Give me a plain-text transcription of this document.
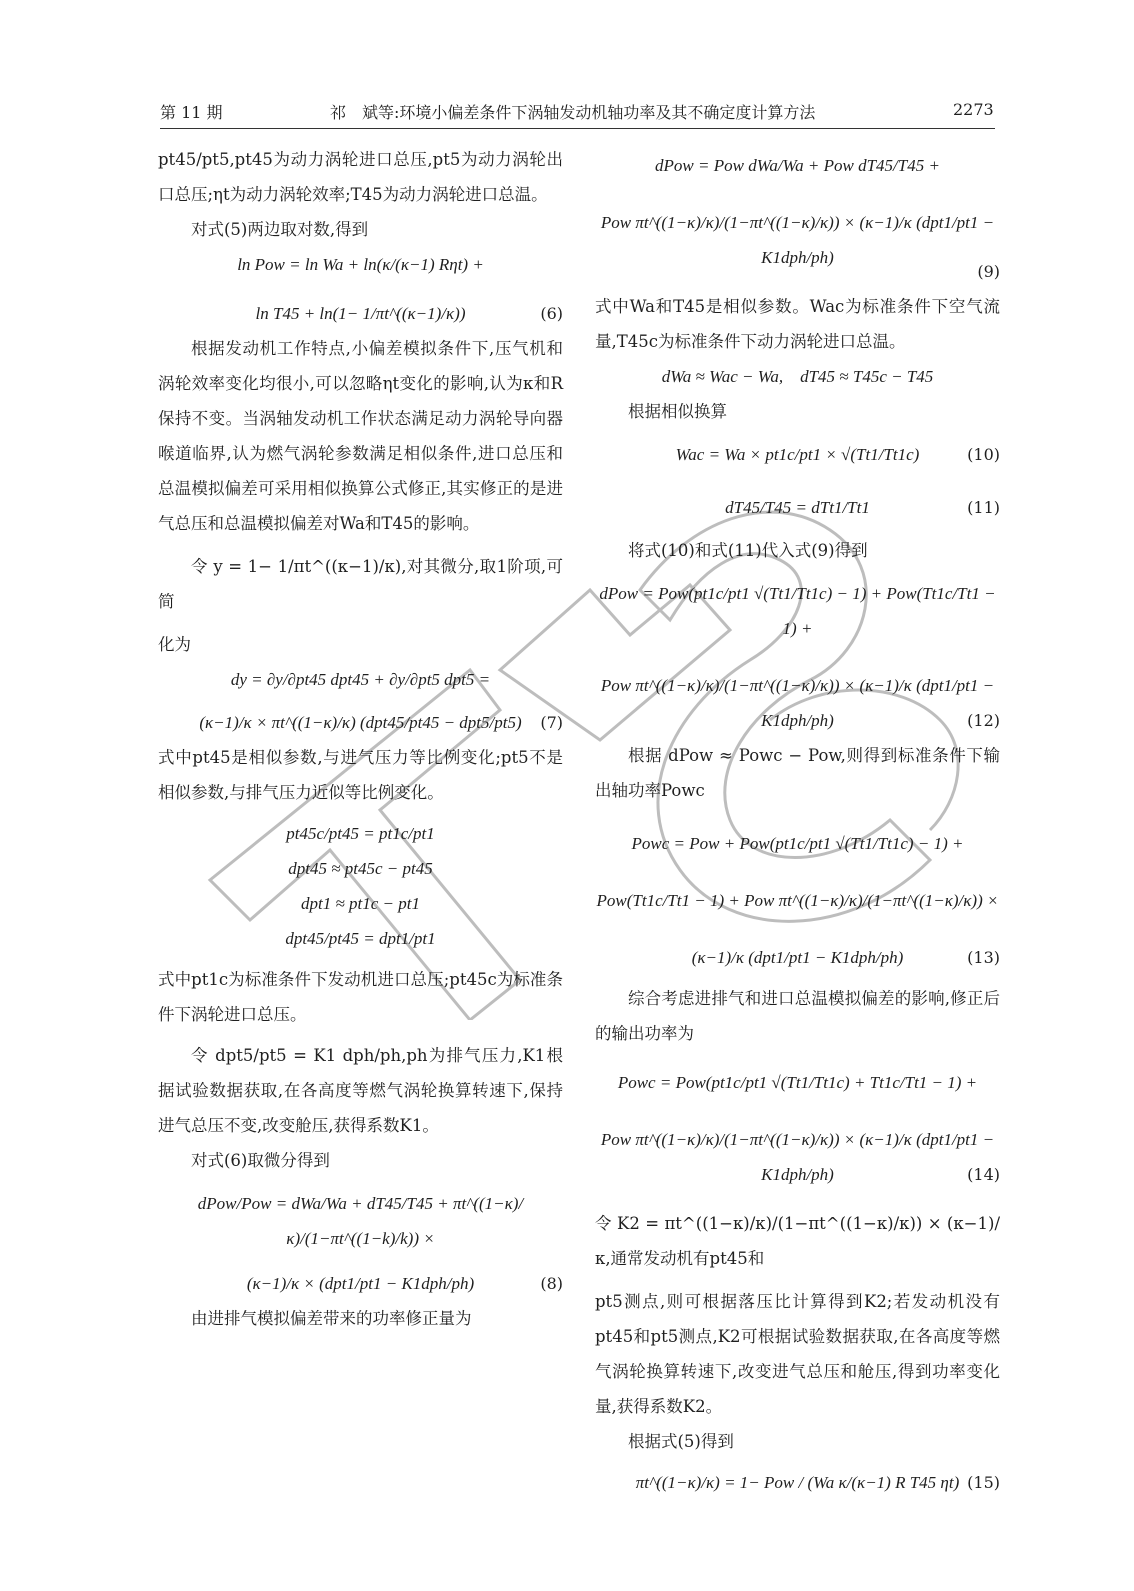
第 11 期	祁　斌等:环境小偏差条件下涡轴发动机轴功率及其不确定度计算方法	2273
pt45/pt5,pt45为动力涡轮进口总压,pt5为动力涡轮出口总压;ηt为动力涡轮效率;T45为动力涡轮进口总温。
对式(5)两边取对数,得到
ln Pow = ln Wa + ln(κ/(κ−1) Rηt) +
ln T45 + ln(1− 1/πt^((κ−1)/κ))	(6)
根据发动机工作特点,小偏差模拟条件下,压气机和涡轮效率变化均很小,可以忽略ηt变化的影响,认为κ和R保持不变。当涡轴发动机工作状态满足动力涡轮导向器喉道临界,认为燃气涡轮参数满足相似条件,进口总压和总温模拟偏差可采用相似换算公式修正,其实修正的是进气总压和总温模拟偏差对Wa和T45的影响。
令 y = 1− 1/πt^((κ−1)/κ),对其微分,取1阶项,可简
化为
dy = ∂y/∂pt45 dpt45 + ∂y/∂pt5 dpt5 =
(κ−1)/κ × πt^((1−κ)/κ) (dpt45/pt45 − dpt5/pt5) (7)
式中pt45是相似参数,与进气压力等比例变化;pt5不是相似参数,与排气压力近似等比例变化。
pt45c/pt45 = pt1c/pt1
dpt45 ≈ pt45c − pt45
dpt1 ≈ pt1c − pt1
dpt45/pt45 = dpt1/pt1
式中pt1c为标准条件下发动机进口总压;pt45c为标准条件下涡轮进口总压。
令 dpt5/pt5 = K1 dph/ph,ph为排气压力,K1根据试验数据获取,在各高度等燃气涡轮换算转速下,保持进气总压不变,改变舱压,获得系数K1。
对式(6)取微分得到
dPow/Pow = dWa/Wa + dT45/T45 + πt^((1−κ)/κ)/(1−πt^((1−k)/k)) ×
(κ−1)/κ × (dpt1/pt1 − K1dph/ph)	(8)
由进排气模拟偏差带来的功率修正量为
dPow = Pow dWa/Wa + Pow dT45/T45 +
Pow πt^((1−κ)/κ)/(1−πt^((1−κ)/κ)) × (κ−1)/κ (dpt1/pt1 − K1dph/ph)
(9)
式中Wa和T45是相似参数。Wac为标准条件下空气流量,T45c为标准条件下动力涡轮进口总温。
dWa ≈ Wac − Wa,　dT45 ≈ T45c − T45
根据相似换算
Wac = Wa × pt1c/pt1 × √(Tt1/Tt1c)	(10)
dT45/T45 = dTt1/Tt1	(11)
将式(10)和式(11)代入式(9)得到
dPow = Pow(pt1c/pt1 √(Tt1/Tt1c) − 1) + Pow(Tt1c/Tt1 − 1) +
Pow πt^((1−κ)/κ)/(1−πt^((1−κ)/κ)) × (κ−1)/κ (dpt1/pt1 − K1dph/ph)	(12)
根据 dPow ≈ Powc − Pow,则得到标准条件下输出轴功率Powc
Powc = Pow + Pow(pt1c/pt1 √(Tt1/Tt1c) − 1) +
Pow(Tt1c/Tt1 − 1) + Pow πt^((1−κ)/κ)/(1−πt^((1−κ)/κ)) ×
(κ−1)/κ (dpt1/pt1 − K1dph/ph)	(13)
综合考虑进排气和进口总温模拟偏差的影响,修正后的输出功率为
Powc = Pow(pt1c/pt1 √(Tt1/Tt1c) + Tt1c/Tt1 − 1) +
Pow πt^((1−κ)/κ)/(1−πt^((1−κ)/κ)) × (κ−1)/κ (dpt1/pt1 − K1dph/ph)	(14)
令 K2 = πt^((1−κ)/κ)/(1−πt^((1−κ)/κ)) × (κ−1)/κ,通常发动机有pt45和
pt5测点,则可根据落压比计算得到K2;若发动机没有pt45和pt5测点,K2可根据试验数据获取,在各高度等燃气涡轮换算转速下,改变进气总压和舱压,得到功率变化量,获得系数K2。
根据式(5)得到
πt^((1−κ)/κ) = 1− Pow / (Wa κ/(κ−1) R T45 ηt) (15)
